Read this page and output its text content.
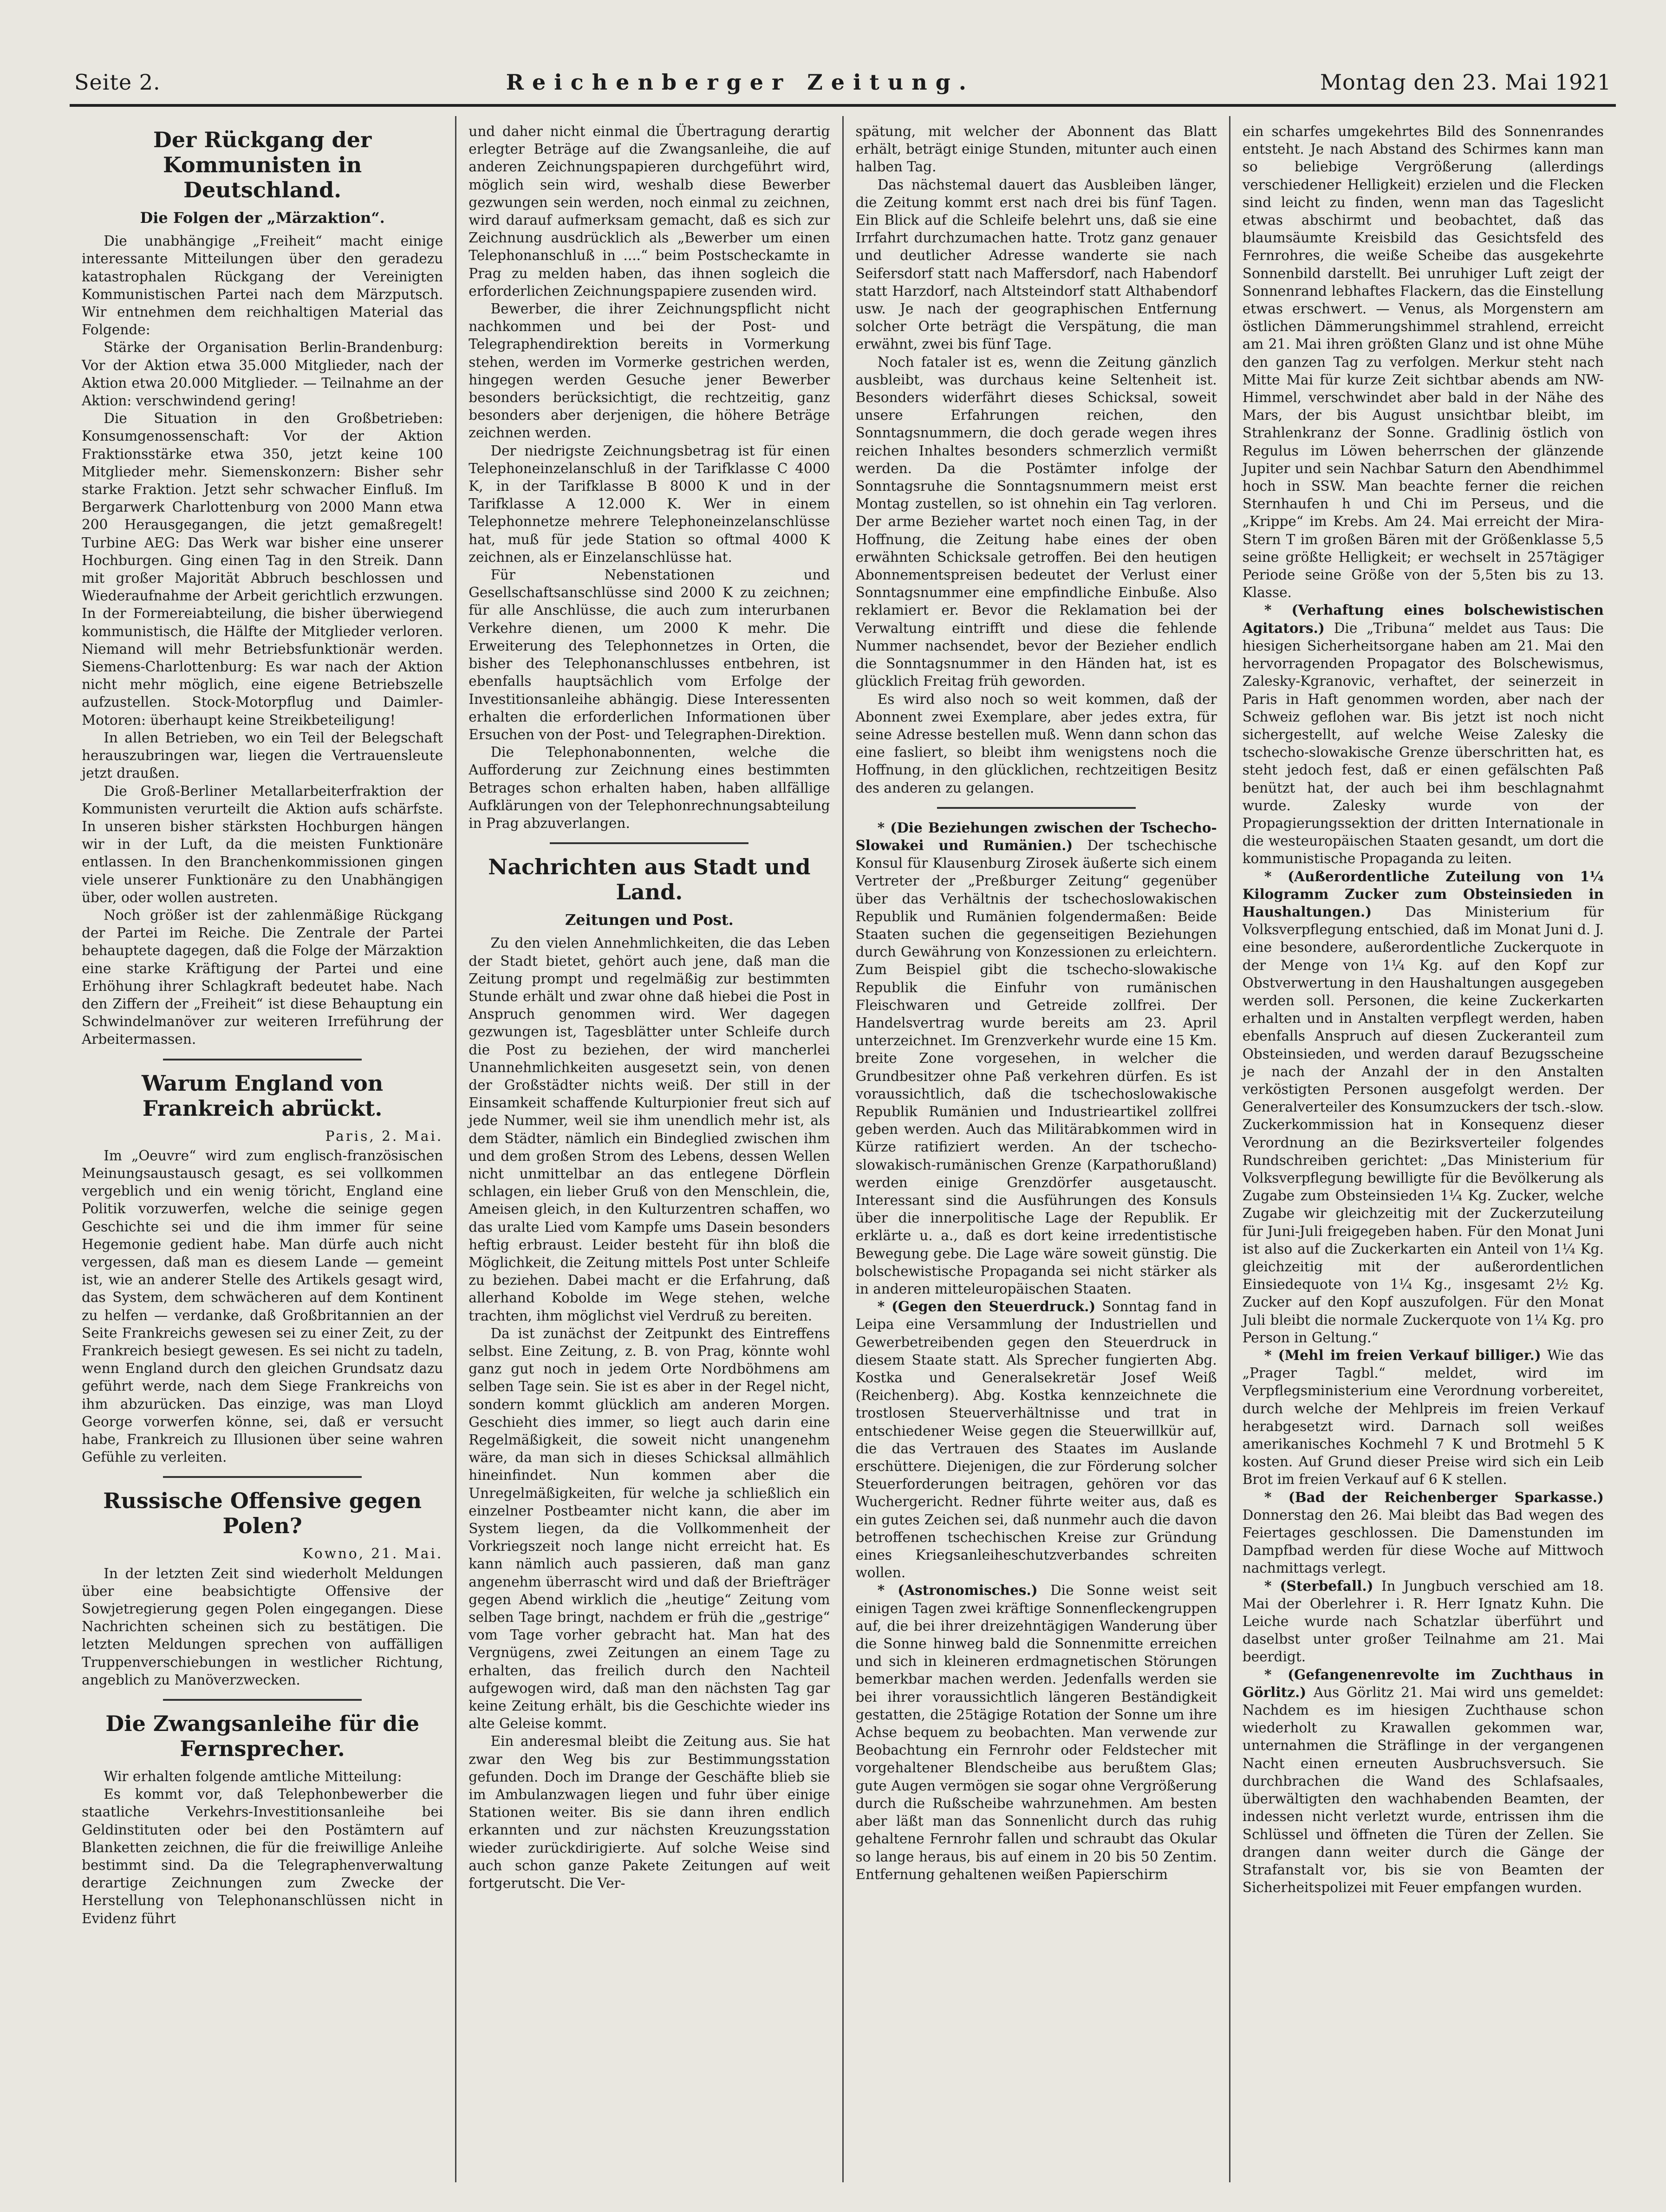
Seite 2.	Reichenberger Zeitung.	Montag den 23. Mai 1921
Der Rückgang der Kommunisten in Deutschland.
Die Folgen der „Märzaktion“.

Die unabhängige „Freiheit“ macht einige interessante Mitteilungen über den geradezu katastrophalen Rückgang der Vereinigten Kommunistischen Partei nach dem Märzputsch. Wir entnehmen dem reichhaltigen Material das Folgende:

Stärke der Organisation Berlin-Brandenburg: Vor der Aktion etwa 35.000 Mitglieder, nach der Aktion etwa 20.000 Mitglieder. — Teilnahme an der Aktion: verschwindend gering!

Die Situation in den Großbetrieben: Konsumgenossenschaft: Vor der Aktion Fraktionsstärke etwa 350, jetzt keine 100 Mitglieder mehr. Siemenskonzern: Bisher sehr starke Fraktion. Jetzt sehr schwacher Einfluß. Im Bergarwerk Charlottenburg von 2000 Mann etwa 200 Herausgegangen, die jetzt gemaßregelt! Turbine AEG: Das Werk war bisher eine unserer Hochburgen. Ging einen Tag in den Streik. Dann mit großer Majorität Abbruch beschlossen und Wiederaufnahme der Arbeit gerichtlich erzwungen. In der Formereiabteilung, die bisher überwiegend kommunistisch, die Hälfte der Mitglieder verloren. Niemand will mehr Betriebsfunktionär werden. Siemens-Charlottenburg: Es war nach der Aktion nicht mehr möglich, eine eigene Betriebszelle aufzustellen. Stock-Motorpflug und Daimler-Motoren: überhaupt keine Streikbeteiligung!

In allen Betrieben, wo ein Teil der Belegschaft herauszubringen war, liegen die Vertrauensleute jetzt draußen.

Die Groß-Berliner Metallarbeiterfraktion der Kommunisten verurteilt die Aktion aufs schärfste. In unseren bisher stärksten Hochburgen hängen wir in der Luft, da die meisten Funktionäre entlassen. In den Branchenkommissionen gingen viele unserer Funktionäre zu den Unabhängigen über, oder wollen austreten.

Noch größer ist der zahlenmäßige Rückgang der Partei im Reiche. Die Zentrale der Partei behauptete dagegen, daß die Folge der Märzaktion eine starke Kräftigung der Partei und eine Erhöhung ihrer Schlagkraft bedeutet habe. Nach den Ziffern der „Freiheit“ ist diese Behauptung ein Schwindelmanöver zur weiteren Irreführung der Arbeitermassen.

Warum England von Frankreich abrückt.
Paris, 2. Mai.

Im „Oeuvre“ wird zum englisch-französischen Meinungsaustausch gesagt, es sei vollkommen vergeblich und ein wenig töricht, England eine Politik vorzuwerfen, welche die seinige gegen Geschichte sei und die ihm immer für seine Hegemonie gedient habe. Man dürfe auch nicht vergessen, daß man es diesem Lande — gemeint ist, wie an anderer Stelle des Artikels gesagt wird, das System, dem schwächeren auf dem Kontinent zu helfen — verdanke, daß Großbritannien an der Seite Frankreichs gewesen sei zu einer Zeit, zu der Frankreich besiegt gewesen. Es sei nicht zu tadeln, wenn England durch den gleichen Grundsatz dazu geführt werde, nach dem Siege Frankreichs von ihm abzurücken. Das einzige, was man Lloyd George vorwerfen könne, sei, daß er versucht habe, Frankreich zu Illusionen über seine wahren Gefühle zu verleiten.

Russische Offensive gegen Polen?
Kowno, 21. Mai.

In der letzten Zeit sind wiederholt Meldungen über eine beabsichtigte Offensive der Sowjetregierung gegen Polen eingegangen. Diese Nachrichten scheinen sich zu bestätigen. Die letzten Meldungen sprechen von auffälligen Truppenverschiebungen in westlicher Richtung, angeblich zu Manöverzwecken.

Die Zwangsanleihe für die Fernsprecher.

Wir erhalten folgende amtliche Mitteilung:

Es kommt vor, daß Telephonbewerber die staatliche Verkehrs-Investitionsanleihe bei Geldinstituten oder bei den Postämtern auf Blanketten zeichnen, die für die freiwillige Anleihe bestimmt sind. Da die Telegraphenverwaltung derartige Zeichnungen zum Zwecke der Herstellung von Telephonanschlüssen nicht in Evidenz führt

und daher nicht einmal die Übertragung derartig erlegter Beträge auf die Zwangsanleihe, die auf anderen Zeichnungspapieren durchgeführt wird, möglich sein wird, weshalb diese Bewerber gezwungen sein werden, noch einmal zu zeichnen, wird darauf aufmerksam gemacht, daß es sich zur Zeichnung ausdrücklich als „Bewerber um einen Telephonanschluß in ....“ beim Postscheckamte in Prag zu melden haben, das ihnen sogleich die erforderlichen Zeichnungspapiere zusenden wird.

Bewerber, die ihrer Zeichnungspflicht nicht nachkommen und bei der Post- und Telegraphendirektion bereits in Vormerkung stehen, werden im Vormerke gestrichen werden, hingegen werden Gesuche jener Bewerber besonders berücksichtigt, die rechtzeitig, ganz besonders aber derjenigen, die höhere Beträge zeichnen werden.

Der niedrigste Zeichnungsbetrag ist für einen Telephoneinzelanschluß in der Tarifklasse C 4000 K, in der Tarifklasse B 8000 K und in der Tarifklasse A 12.000 K. Wer in einem Telephonnetze mehrere Telephoneinzelanschlüsse hat, muß für jede Station so oftmal 4000 K zeichnen, als er Einzelanschlüsse hat.

Für Nebenstationen und Gesellschaftsanschlüsse sind 2000 K zu zeichnen; für alle Anschlüsse, die auch zum interurbanen Verkehre dienen, um 2000 K mehr. Die Erweiterung des Telephonnetzes in Orten, die bisher des Telephonanschlusses entbehren, ist ebenfalls hauptsächlich vom Erfolge der Investitionsanleihe abhängig. Diese Interessenten erhalten die erforderlichen Informationen über Ersuchen von der Post- und Telegraphen-Direktion.

Die Telephonabonnenten, welche die Aufforderung zur Zeichnung eines bestimmten Betrages schon erhalten haben, haben allfällige Aufklärungen von der Telephonrechnungsabteilung in Prag abzuverlangen.

Nachrichten aus Stadt und Land.
Zeitungen und Post.

Zu den vielen Annehmlichkeiten, die das Leben der Stadt bietet, gehört auch jene, daß man die Zeitung prompt und regelmäßig zur bestimmten Stunde erhält und zwar ohne daß hiebei die Post in Anspruch genommen wird. Wer dagegen gezwungen ist, Tagesblätter unter Schleife durch die Post zu beziehen, der wird mancherlei Unannehmlichkeiten ausgesetzt sein, von denen der Großstädter nichts weiß. Der still in der Einsamkeit schaffende Kulturpionier freut sich auf jede Nummer, weil sie ihm unendlich mehr ist, als dem Städter, nämlich ein Bindeglied zwischen ihm und dem großen Strom des Lebens, dessen Wellen nicht unmittelbar an das entlegene Dörflein schlagen, ein lieber Gruß von den Menschlein, die, Ameisen gleich, in den Kulturzentren schaffen, wo das uralte Lied vom Kampfe ums Dasein besonders heftig erbraust. Leider besteht für ihn bloß die Möglichkeit, die Zeitung mittels Post unter Schleife zu beziehen. Dabei macht er die Erfahrung, daß allerhand Kobolde im Wege stehen, welche trachten, ihm möglichst viel Verdruß zu bereiten.

Da ist zunächst der Zeitpunkt des Eintreffens selbst. Eine Zeitung, z. B. von Prag, könnte wohl ganz gut noch in jedem Orte Nordböhmens am selben Tage sein. Sie ist es aber in der Regel nicht, sondern kommt glücklich am anderen Morgen. Geschieht dies immer, so liegt auch darin eine Regelmäßigkeit, die soweit nicht unangenehm wäre, da man sich in dieses Schicksal allmählich hineinfindet. Nun kommen aber die Unregelmäßigkeiten, für welche ja schließlich ein einzelner Postbeamter nicht kann, die aber im System liegen, da die Vollkommenheit der Vorkriegszeit noch lange nicht erreicht hat. Es kann nämlich auch passieren, daß man ganz angenehm überrascht wird und daß der Briefträger gegen Abend wirklich die „heutige“ Zeitung vom selben Tage bringt, nachdem er früh die „gestrige“ vom Tage vorher gebracht hat. Man hat des Vergnügens, zwei Zeitungen an einem Tage zu erhalten, das freilich durch den Nachteil aufgewogen wird, daß man den nächsten Tag gar keine Zeitung erhält, bis die Geschichte wieder ins alte Geleise kommt.

Ein anderesmal bleibt die Zeitung aus. Sie hat zwar den Weg bis zur Bestimmungsstation gefunden. Doch im Drange der Geschäfte blieb sie im Ambulanzwagen liegen und fuhr über einige Stationen weiter. Bis sie dann ihren endlich erkannten und zur nächsten Kreuzungsstation wieder zurückdirigierte. Auf solche Weise sind auch schon ganze Pakete Zeitungen auf weit fortgerutscht. Die Ver-

spätung, mit welcher der Abonnent das Blatt erhält, beträgt einige Stunden, mitunter auch einen halben Tag.

Das nächstemal dauert das Ausbleiben länger, die Zeitung kommt erst nach drei bis fünf Tagen. Ein Blick auf die Schleife belehrt uns, daß sie eine Irrfahrt durchzumachen hatte. Trotz ganz genauer und deutlicher Adresse wanderte sie nach Seifersdorf statt nach Maffersdorf, nach Habendorf statt Harzdorf, nach Altsteindorf statt Althabendorf usw. Je nach der geographischen Entfernung solcher Orte beträgt die Verspätung, die man erwähnt, zwei bis fünf Tage.

Noch fataler ist es, wenn die Zeitung gänzlich ausbleibt, was durchaus keine Seltenheit ist. Besonders widerfährt dieses Schicksal, soweit unsere Erfahrungen reichen, den Sonntagsnummern, die doch gerade wegen ihres reichen Inhaltes besonders schmerzlich vermißt werden. Da die Postämter infolge der Sonntagsruhe die Sonntagsnummern meist erst Montag zustellen, so ist ohnehin ein Tag verloren. Der arme Bezieher wartet noch einen Tag, in der Hoffnung, die Zeitung habe eines der oben erwähnten Schicksale getroffen. Bei den heutigen Abonnementspreisen bedeutet der Verlust einer Sonntagsnummer eine empfindliche Einbuße. Also reklamiert er. Bevor die Reklamation bei der Verwaltung eintrifft und diese die fehlende Nummer nachsendet, bevor der Bezieher endlich die Sonntagsnummer in den Händen hat, ist es glücklich Freitag früh geworden.

Es wird also noch so weit kommen, daß der Abonnent zwei Exemplare, aber jedes extra, für seine Adresse bestellen muß. Wenn dann schon das eine fasliert, so bleibt ihm wenigstens noch die Hoffnung, in den glücklichen, rechtzeitigen Besitz des anderen zu gelangen.

* (Die Beziehungen zwischen der Tschecho-Slowakei und Rumänien.) Der tschechische Konsul für Klausenburg Zirosek äußerte sich einem Vertreter der „Preßburger Zeitung“ gegenüber über das Verhältnis der tschechoslowakischen Republik und Rumänien folgendermaßen: Beide Staaten suchen die gegenseitigen Beziehungen durch Gewährung von Konzessionen zu erleichtern. Zum Beispiel gibt die tschecho-slowakische Republik die Einfuhr von rumänischen Fleischwaren und Getreide zollfrei. Der Handelsvertrag wurde bereits am 23. April unterzeichnet. Im Grenzverkehr wurde eine 15 Km. breite Zone vorgesehen, in welcher die Grundbesitzer ohne Paß verkehren dürfen. Es ist voraussichtlich, daß die tschechoslowakische Republik Rumänien und Industrieartikel zollfrei geben werden. Auch das Militärabkommen wird in Kürze ratifiziert werden. An der tschecho-slowakisch-rumänischen Grenze (Karpathorußland) werden einige Grenzdörfer ausgetauscht. Interessant sind die Ausführungen des Konsuls über die innerpolitische Lage der Republik. Er erklärte u. a., daß es dort keine irredentistische Bewegung gebe. Die Lage wäre soweit günstig. Die bolschewistische Propaganda sei nicht stärker als in anderen mitteleuropäischen Staaten.

* (Gegen den Steuerdruck.) Sonntag fand in Leipa eine Versammlung der Industriellen und Gewerbetreibenden gegen den Steuerdruck in diesem Staate statt. Als Sprecher fungierten Abg. Kostka und Generalsekretär Josef Weiß (Reichenberg). Abg. Kostka kennzeichnete die trostlosen Steuerverhältnisse und trat in entschiedener Weise gegen die Steuerwillkür auf, die das Vertrauen des Staates im Auslande erschüttere. Diejenigen, die zur Förderung solcher Steuerforderungen beitragen, gehören vor das Wuchergericht. Redner führte weiter aus, daß es ein gutes Zeichen sei, daß nunmehr auch die davon betroffenen tschechischen Kreise zur Gründung eines Kriegsanleiheschutzverbandes schreiten wollen.

* (Astronomisches.) Die Sonne weist seit einigen Tagen zwei kräftige Sonnenfleckengruppen auf, die bei ihrer dreizehntägigen Wanderung über die Sonne hinweg bald die Sonnenmitte erreichen und sich in kleineren erdmagnetischen Störungen bemerkbar machen werden. Jedenfalls werden sie bei ihrer voraussichtlich längeren Beständigkeit gestatten, die 25tägige Rotation der Sonne um ihre Achse bequem zu beobachten. Man verwende zur Beobachtung ein Fernrohr oder Feldstecher mit vorgehaltener Blendscheibe aus berußtem Glas; gute Augen vermögen sie sogar ohne Vergrößerung durch die Rußscheibe wahrzunehmen. Am besten aber läßt man das Sonnenlicht durch das ruhig gehaltene Fernrohr fallen und schraubt das Okular so lange heraus, bis auf einem in 20 bis 50 Zentim. Entfernung gehaltenen weißen Papierschirm

ein scharfes umgekehrtes Bild des Sonnenrandes entsteht. Je nach Abstand des Schirmes kann man so beliebige Vergrößerung (allerdings verschiedener Helligkeit) erzielen und die Flecken sind leicht zu finden, wenn man das Tageslicht etwas abschirmt und beobachtet, daß das blaumsäumte Kreisbild das Gesichtsfeld des Fernrohres, die weiße Scheibe das ausgekehrte Sonnenbild darstellt. Bei unruhiger Luft zeigt der Sonnenrand lebhaftes Flackern, das die Einstellung etwas erschwert. — Venus, als Morgenstern am östlichen Dämmerungshimmel strahlend, erreicht am 21. Mai ihren größten Glanz und ist ohne Mühe den ganzen Tag zu verfolgen. Merkur steht nach Mitte Mai für kurze Zeit sichtbar abends am NW-Himmel, verschwindet aber bald in der Nähe des Mars, der bis August unsichtbar bleibt, im Strahlenkranz der Sonne. Gradlinig östlich von Regulus im Löwen beherrschen der glänzende Jupiter und sein Nachbar Saturn den Abendhimmel hoch in SSW. Man beachte ferner die reichen Sternhaufen h und Chi im Perseus, und die „Krippe“ im Krebs. Am 24. Mai erreicht der Mira-Stern T im großen Bären mit der Größenklasse 5,5 seine größte Helligkeit; er wechselt in 257tägiger Periode seine Größe von der 5,5ten bis zu 13. Klasse.

* (Verhaftung eines bolschewistischen Agitators.) Die „Tribuna“ meldet aus Taus: Die hiesigen Sicherheitsorgane haben am 21. Mai den hervorragenden Propagator des Bolschewismus, Zalesky-Kgranovic, verhaftet, der seinerzeit in Paris in Haft genommen worden, aber nach der Schweiz geflohen war. Bis jetzt ist noch nicht sichergestellt, auf welche Weise Zalesky die tschecho-slowakische Grenze überschritten hat, es steht jedoch fest, daß er einen gefälschten Paß benützt hat, der auch bei ihm beschlagnahmt wurde. Zalesky wurde von der Propagierungssektion der dritten Internationale in die westeuropäischen Staaten gesandt, um dort die kommunistische Propaganda zu leiten.

* (Außerordentliche Zuteilung von 1¼ Kilogramm Zucker zum Obsteinsieden in Haushaltungen.) Das Ministerium für Volksverpflegung entschied, daß im Monat Juni d. J. eine besondere, außerordentliche Zuckerquote in der Menge von 1¼ Kg. auf den Kopf zur Obstverwertung in den Haushaltungen ausgegeben werden soll. Personen, die keine Zuckerkarten erhalten und in Anstalten verpflegt werden, haben ebenfalls Anspruch auf diesen Zuckeranteil zum Obsteinsieden, und werden darauf Bezugsscheine je nach der Anzahl der in den Anstalten verköstigten Personen ausgefolgt werden. Der Generalverteiler des Konsumzuckers der tsch.-slow. Zuckerkommission hat in Konsequenz dieser Verordnung an die Bezirksverteiler folgendes Rundschreiben gerichtet: „Das Ministerium für Volksverpflegung bewilligte für die Bevölkerung als Zugabe zum Obsteinsieden 1¼ Kg. Zucker, welche Zugabe wir gleichzeitig mit der Zuckerzuteilung für Juni-Juli freigegeben haben. Für den Monat Juni ist also auf die Zuckerkarten ein Anteil von 1¼ Kg. gleichzeitig mit der außerordentlichen Einsiedequote von 1¼ Kg., insgesamt 2½ Kg. Zucker auf den Kopf auszufolgen. Für den Monat Juli bleibt die normale Zuckerquote von 1¼ Kg. pro Person in Geltung.“

* (Mehl im freien Verkauf billiger.) Wie das „Prager Tagbl.“ meldet, wird im Verpflegsministerium eine Verordnung vorbereitet, durch welche der Mehlpreis im freien Verkauf herabgesetzt wird. Darnach soll weißes amerikanisches Kochmehl 7 K und Brotmehl 5 K kosten. Auf Grund dieser Preise wird sich ein Leib Brot im freien Verkauf auf 6 K stellen.

* (Bad der Reichenberger Sparkasse.) Donnerstag den 26. Mai bleibt das Bad wegen des Feiertages geschlossen. Die Damenstunden im Dampfbad werden für diese Woche auf Mittwoch nachmittags verlegt.

* (Sterbefall.) In Jungbuch verschied am 18. Mai der Oberlehrer i. R. Herr Ignatz Kuhn. Die Leiche wurde nach Schatzlar überführt und daselbst unter großer Teilnahme am 21. Mai beerdigt.

* (Gefangenenrevolte im Zuchthaus in Görlitz.) Aus Görlitz 21. Mai wird uns gemeldet: Nachdem es im hiesigen Zuchthause schon wiederholt zu Krawallen gekommen war, unternahmen die Sträflinge in der vergangenen Nacht einen erneuten Ausbruchsversuch. Sie durchbrachen die Wand des Schlafsaales, überwältigten den wachhabenden Beamten, der indessen nicht verletzt wurde, entrissen ihm die Schlüssel und öffneten die Türen der Zellen. Sie drangen dann weiter durch die Gänge der Strafanstalt vor, bis sie von Beamten der Sicherheitspolizei mit Feuer empfangen wurden.
